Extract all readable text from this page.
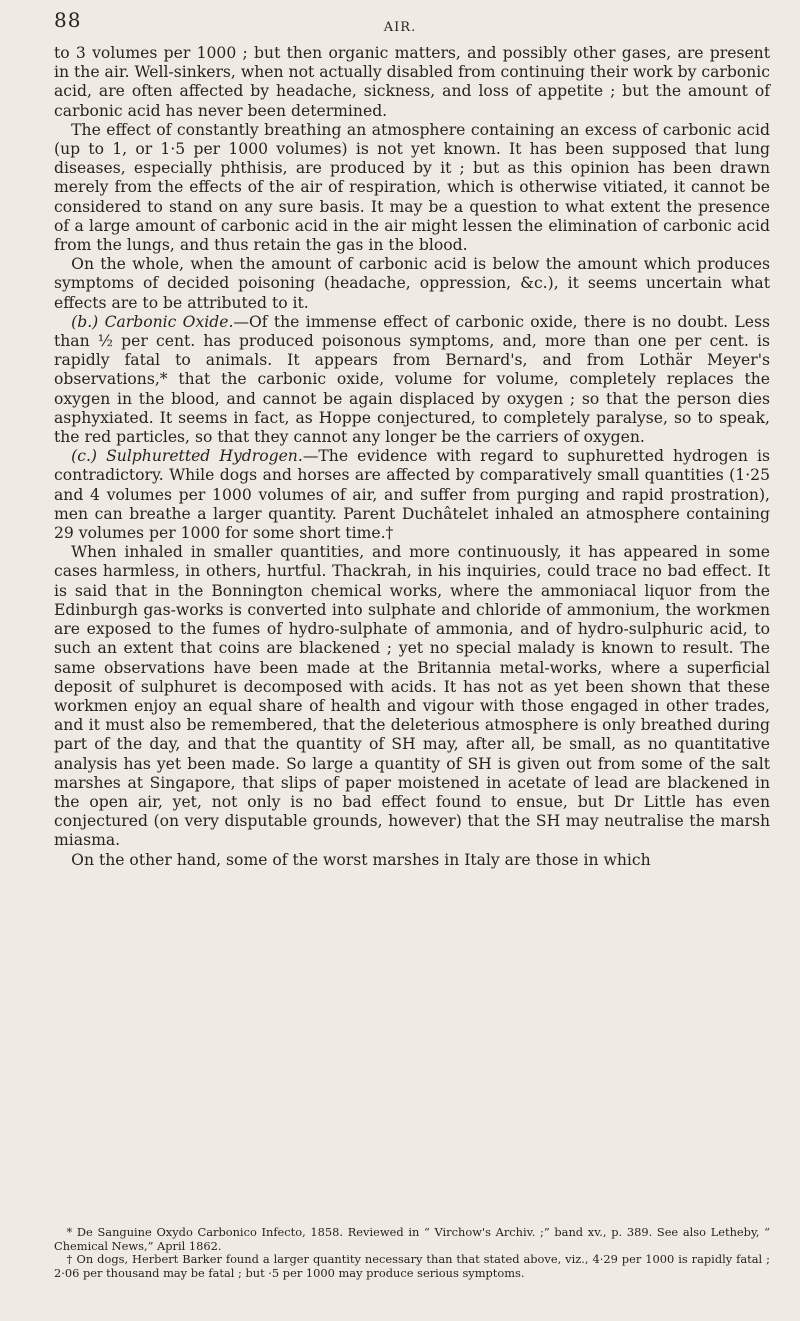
88	AIR.

to 3 volumes per 1000 ; but then organic matters, and possibly other gases, are present in the air. Well-sinkers, when not actually disabled from continuing their work by carbonic acid, are often affected by headache, sickness, and loss of appetite ; but the amount of carbonic acid has never been determined.

The effect of constantly breathing an atmosphere containing an excess of carbonic acid (up to 1, or 1·5 per 1000 volumes) is not yet known. It has been supposed that lung diseases, especially phthisis, are produced by it ; but as this opinion has been drawn merely from the effects of the air of respiration, which is otherwise vitiated, it cannot be considered to stand on any sure basis. It may be a question to what extent the presence of a large amount of carbonic acid in the air might lessen the elimination of carbonic acid from the lungs, and thus retain the gas in the blood.

On the whole, when the amount of carbonic acid is below the amount which produces symptoms of decided poisoning (headache, oppression, &c.), it seems uncertain what effects are to be attributed to it.

(b.) Carbonic Oxide.—Of the immense effect of carbonic oxide, there is no doubt. Less than ½ per cent. has produced poisonous symptoms, and, more than one per cent. is rapidly fatal to animals. It appears from Bernard's, and from Lothär Meyer's observations,* that the carbonic oxide, volume for volume, completely replaces the oxygen in the blood, and cannot be again displaced by oxygen ; so that the person dies asphyxiated. It seems in fact, as Hoppe conjectured, to completely paralyse, so to speak, the red particles, so that they cannot any longer be the carriers of oxygen.

(c.) Sulphuretted Hydrogen.—The evidence with regard to suphuretted hydrogen is contradictory. While dogs and horses are affected by comparatively small quantities (1·25 and 4 volumes per 1000 volumes of air, and suffer from purging and rapid prostration), men can breathe a larger quantity. Parent Duchâtelet inhaled an atmosphere containing 29 volumes per 1000 for some short time.†

When inhaled in smaller quantities, and more continuously, it has appeared in some cases harmless, in others, hurtful. Thackrah, in his inquiries, could trace no bad effect. It is said that in the Bonnington chemical works, where the ammoniacal liquor from the Edinburgh gas-works is converted into sulphate and chloride of ammonium, the workmen are exposed to the fumes of hydro-sulphate of ammonia, and of hydro-sulphuric acid, to such an extent that coins are blackened ; yet no special malady is known to result. The same observations have been made at the Britannia metal-works, where a superficial deposit of sulphuret is decomposed with acids. It has not as yet been shown that these workmen enjoy an equal share of health and vigour with those engaged in other trades, and it must also be remembered, that the deleterious atmosphere is only breathed during part of the day, and that the quantity of SH may, after all, be small, as no quantitative analysis has yet been made. So large a quantity of SH is given out from some of the salt marshes at Singapore, that slips of paper moistened in acetate of lead are blackened in the open air, yet, not only is no bad effect found to ensue, but Dr Little has even conjectured (on very disputable grounds, however) that the SH may neutralise the marsh miasma.

On the other hand, some of the worst marshes in Italy are those in which

* De Sanguine Oxydo Carbonico Infecto, 1858. Reviewed in “ Virchow's Archiv. ;” band xv., p. 389. See also Letheby, “ Chemical News,” April 1862.

† On dogs, Herbert Barker found a larger quantity necessary than that stated above, viz., 4·29 per 1000 is rapidly fatal ; 2·06 per thousand may be fatal ; but ·5 per 1000 may produce serious symptoms.
